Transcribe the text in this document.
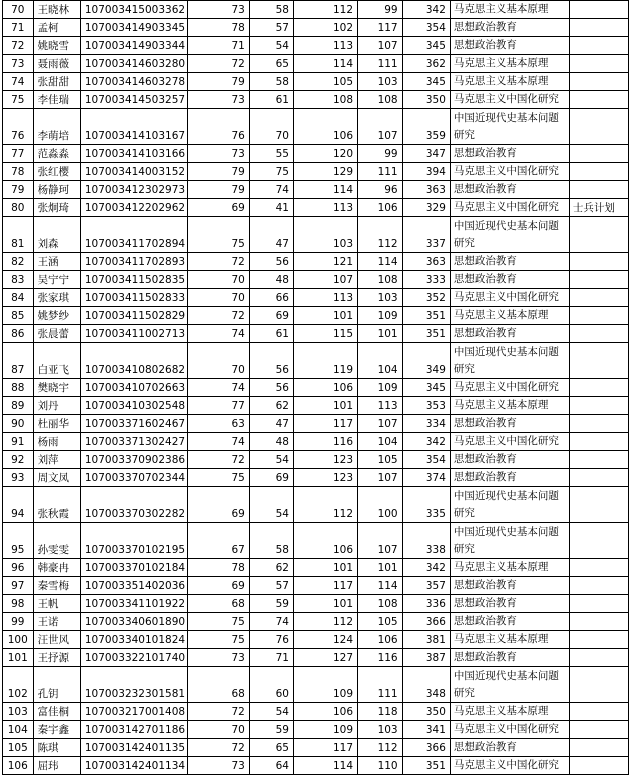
70	王晓林	107003415003362	73	58	112	99	342	马克思主义基本原理	
71	孟柯	107003414903345	78	57	102	117	354	思想政治教育	
72	姚晓雪	107003414903344	71	54	113	107	345	思想政治教育	
73	聂雨薇	107003414603280	72	65	114	111	362	马克思主义基本原理	
74	张甜甜	107003414603278	79	58	105	103	345	马克思主义基本原理	
75	李佳瑞	107003414503257	73	61	108	108	350	马克思主义中国化研究	
76	李萌培	107003414103167	76	70	106	107	359	中国近现代史基本问题研究	
77	范淼淼	107003414103166	73	55	120	99	347	思想政治教育	
78	张红樱	107003414003152	79	75	129	111	394	马克思主义中国化研究	
79	杨静珂	107003412302973	79	74	114	96	363	思想政治教育	
80	张炯琦	107003412202962	69	41	113	106	329	马克思主义中国化研究	士兵计划
81	刘森	107003411702894	75	47	103	112	337	中国近现代史基本问题研究	
82	王涵	107003411702893	72	56	121	114	363	思想政治教育	
83	吴宁宁	107003411502835	70	48	107	108	333	思想政治教育	
84	张家琪	107003411502833	70	66	113	103	352	马克思主义中国化研究	
85	姚梦纱	107003411502829	72	69	101	109	351	马克思主义基本原理	
86	张晨蕾	107003411002713	74	61	115	101	351	思想政治教育	
87	白亚飞	107003410802682	70	56	119	104	349	中国近现代史基本问题研究	
88	樊晓宇	107003410702663	74	56	106	109	345	马克思主义中国化研究	
89	刘丹	107003410302548	77	62	101	113	353	马克思主义基本原理	
90	杜丽华	107003371602467	63	47	117	107	334	思想政治教育	
91	杨雨	107003371302427	74	48	116	104	342	马克思主义中国化研究	
92	刘萍	107003370902386	72	54	123	105	354	思想政治教育	
93	周文凤	107003370702344	75	69	123	107	374	思想政治教育	
94	张秋霞	107003370302282	69	54	112	100	335	中国近现代史基本问题研究	
95	孙雯雯	107003370102195	67	58	106	107	338	中国近现代史基本问题研究	
96	韩豪冉	107003370102184	78	62	101	101	342	马克思主义基本原理	
97	秦雪梅	107003351402036	69	57	117	114	357	思想政治教育	
98	王帆	107003341101922	68	59	101	108	336	思想政治教育	
99	王诺	107003340601890	75	74	112	105	366	思想政治教育	
100	汪世风	107003340101824	75	76	124	106	381	马克思主义基本原理	
101	王抒源	107003322101740	73	71	127	116	387	思想政治教育	
102	孔钥	107003232301581	68	60	109	111	348	中国近现代史基本问题研究	
103	富佳桐	107003217001408	72	54	106	118	350	马克思主义基本原理	
104	秦宇鑫	107003142701186	70	59	109	103	341	马克思主义中国化研究	
105	陈琪	107003142401135	72	65	117	112	366	思想政治教育	
106	屈玮	107003142401134	73	64	114	110	351	马克思主义中国化研究	
